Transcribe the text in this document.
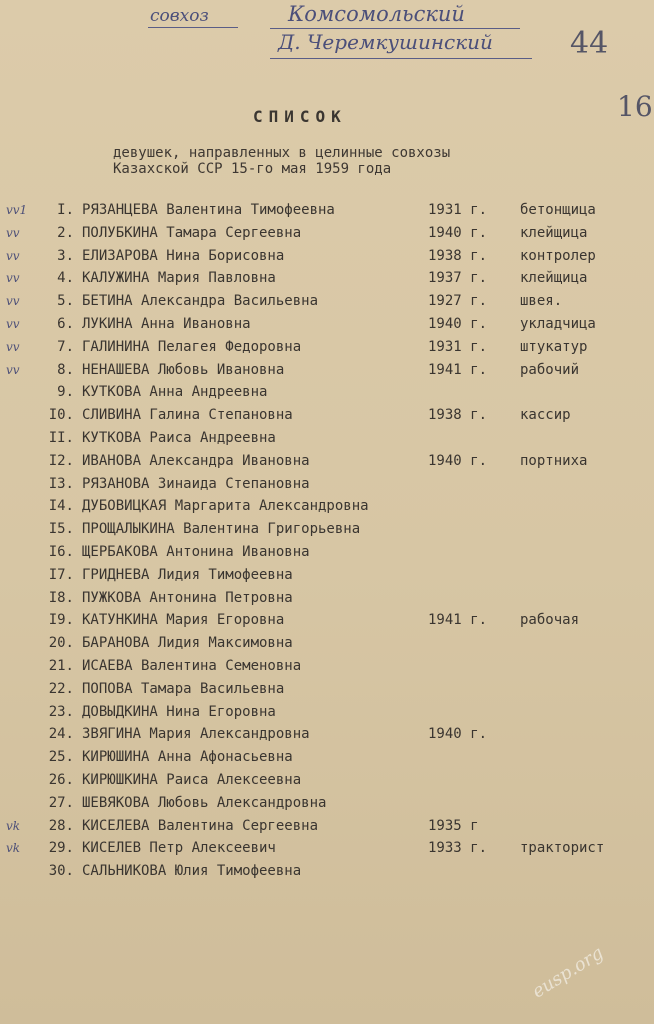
совхоз	Комсомольский
Д. Черемкушинский	44
16
СПИСОК
девушек, направленных в целинные совхозы
Казахской ССР 15-го мая 1959 года
vv1 I. РЯЗАНЦЕВА Валентина Тимофеевна	1931 г. бетонщица
vv	2. ПОЛУБКИНА Тамара Сергеевна	1940 г. клейщица
vv	3. ЕЛИЗАРОВА Нина Борисовна	1938 г. контролер
vv	4. КАЛУЖИНА Мария Павловна	1937 г. клейщица
vv	5. БЕТИНА Александра Васильевна	1927 г. швея.
vv	6. ЛУКИНА Анна Ивановна	1940 г. укладчица
vv	7. ГАЛИНИНА Пелагея Федоровна	1931 г. штукатур
vv	8. НЕНАШЕВА Любовь Ивановна	1941 г. рабочий
9. КУТКОВА Анна Андреевна
I0. СЛИВИНА Галина Степановна	1938 г. кассир
II. КУТКОВА Раиса Андреевна
I2. ИВАНОВА Александра Ивановна	1940 г. портниха
I3. РЯЗАНОВА Зинаида Степановна
I4. ДУБОВИЦКАЯ Маргарита Александровна
I5. ПРОЩАЛЫКИНА Валентина Григорьевна
I6. ЩЕРБАКОВА Антонина Ивановна
I7. ГРИДНЕВА Лидия Тимофеевна
I8. ПУЖКОВА Антонина Петровна
I9. КАТУНКИНА Мария Егоровна	1941 г. рабочая
20. БАРАНОВА Лидия Максимовна
21. ИСАЕВА Валентина Семеновна
22. ПОПОВА Тамара Васильевна
23. ДОВЫДКИНА Нина Егоровна
24. ЗВЯГИНА Мария Александровна	1940 г.
25. КИРЮШИНА Анна Афонасьевна
26. КИРЮШКИНА Раиса Алексеевна
27. ШЕВЯКОВА Любовь Александровна
vk 28. КИСЕЛЕВА Валентина Сергеевна	1935 г
vk 29. КИСЕЛЕВ Петр Алексеевич	1933 г. тракторист
30. САЛЬНИКОВА Юлия Тимофеевна
eusp.org
